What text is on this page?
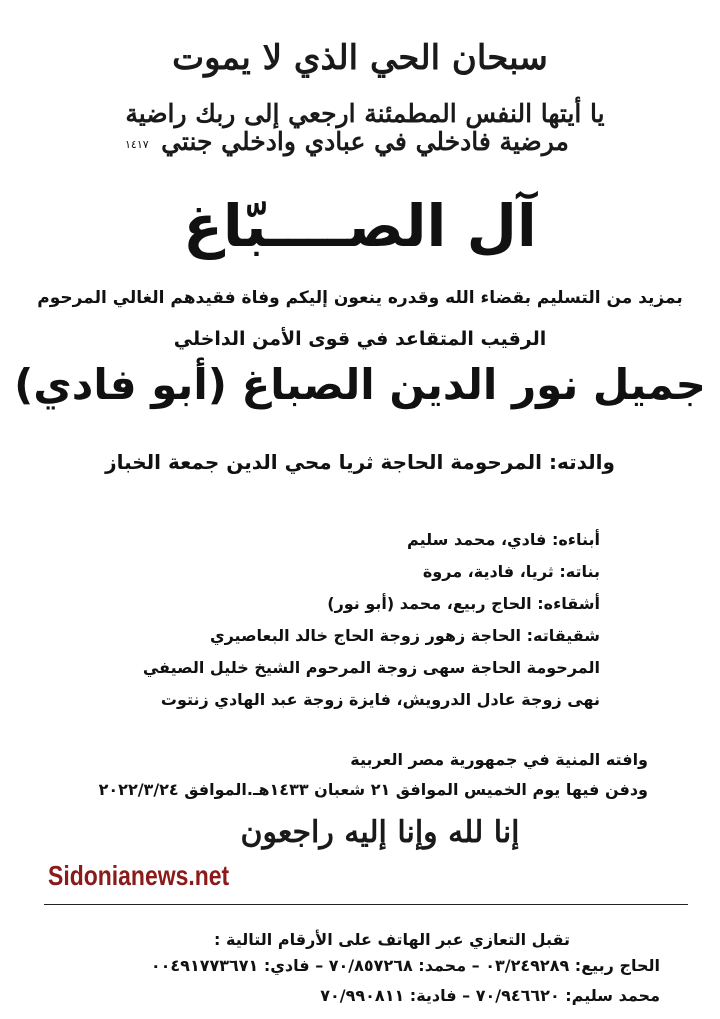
سبحان الحي الذي لا يموت

يا أيتها النفس المطمئنة ارجعي إلى ربك راضية مرضية فادخلي في عبادي وادخلي جنتي

١٤١٧

آل الصــــبّاغ

بمزيد من التسليم بقضاء الله وقدره ينعون إليكم وفاة فقيدهم الغالي المرحوم

الرقيب المتقاعد في قوى الأمن الداخلي

جميل نور الدين الصباغ (أبو فادي)

والدته: المرحومة الحاجة ثريا محي الدين جمعة الخباز

أبناءه: فادي، محمد سليم

بناته: ثريا، فادية، مروة

أشقاءه: الحاج ربيع، محمد (أبو نور)

شقيقاته: الحاجة زهور زوجة الحاج خالد البعاصيري

المرحومة الحاجة سهى زوجة المرحوم الشيخ خليل الصيفي

نهى زوجة عادل الدرويش، فايزة زوجة عبد الهادي زنتوت

وافته المنية في جمهورية مصر العربية

ودفن فيها يوم الخميس الموافق ٢١ شعبان ١٤٣٣هـ.الموافق ٢٠٢٢/٣/٢٤

إنا لله وإنا إليه راجعون

Sidonianews.net

تقبل التعازي عبر الهاتف على الأرقام التالية :

الحاج ربيع: ٠٣/٢٤٩٢٨٩ – محمد: ٧٠/٨٥٧٢٦٨ – فادي: ٠٠٤٩١٧٧٣٦٧١

محمد سليم: ٧٠/٩٤٦٦٢٠ – فادية: ٧٠/٩٩٠٨١١
